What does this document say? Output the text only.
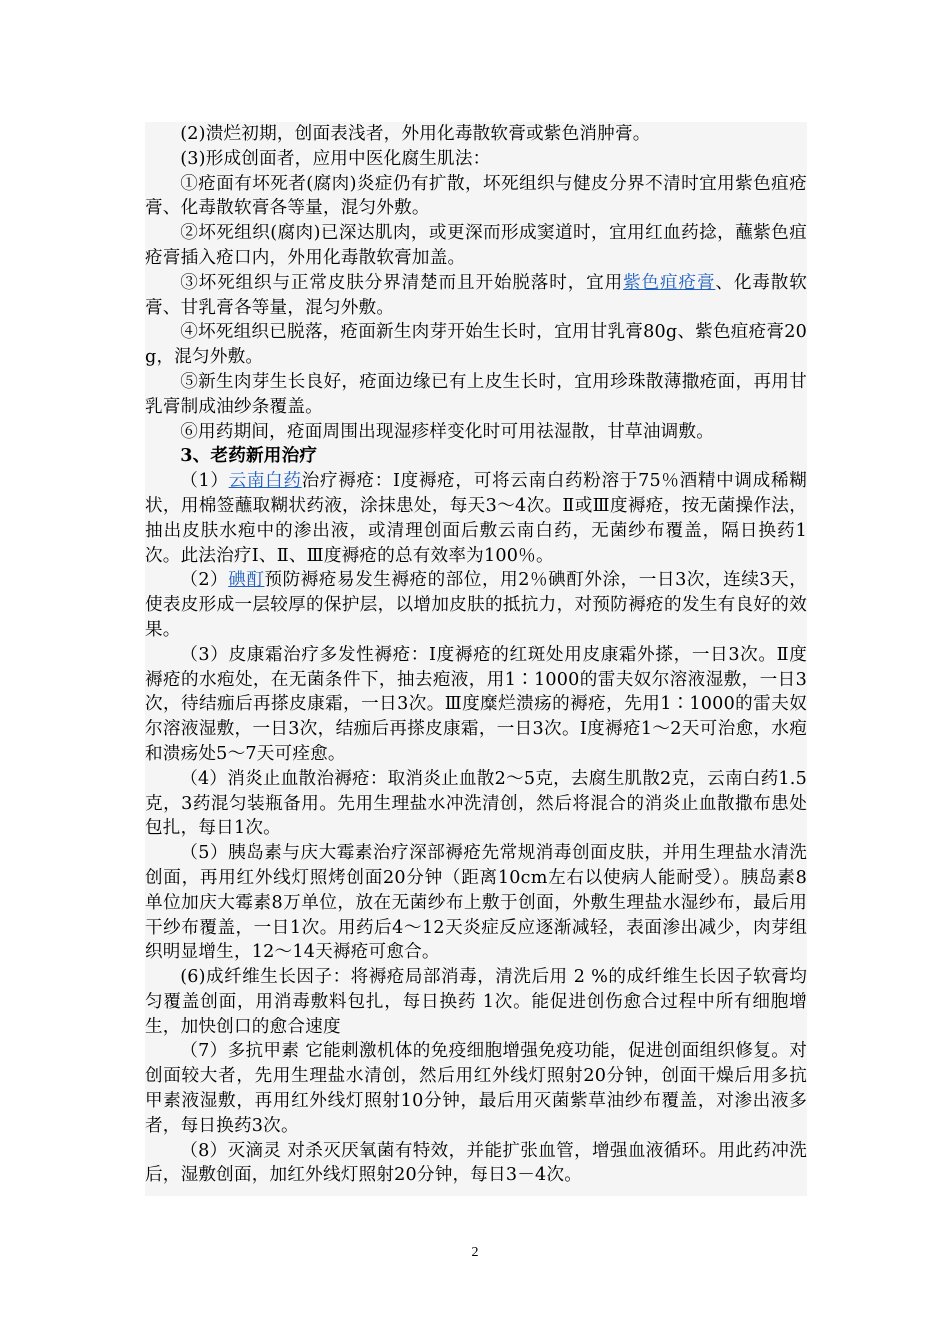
(2)溃烂初期，创面表浅者，外用化毒散软膏或紫色消肿膏。

(3)形成创面者，应用中医化腐生肌法：

①疮面有坏死者(腐肉)炎症仍有扩散，坏死组织与健皮分界不清时宜用紫色疽疮膏、化毒散软膏各等量，混匀外敷。

②坏死组织(腐肉)已深达肌肉，或更深而形成窦道时，宜用红血药捻，蘸紫色疽疮膏插入疮口内，外用化毒散软膏加盖。

③坏死组织与正常皮肤分界清楚而且开始脱落时，宜用紫色疽疮膏、化毒散软膏、甘乳膏各等量，混匀外敷。

④坏死组织已脱落，疮面新生肉芽开始生长时，宜用甘乳膏80g、紫色疽疮膏20g，混匀外敷。

⑤新生肉芽生长良好，疮面边缘已有上皮生长时，宜用珍珠散薄撒疮面，再用甘乳膏制成油纱条覆盖。

⑥用药期间，疮面周围出现湿疹样变化时可用祛湿散，甘草油调敷。

3、老药新用治疗

（1）云南白药治疗褥疮：Ⅰ度褥疮，可将云南白药粉溶于75％酒精中调成稀糊状，用棉签蘸取糊状药液，涂抹患处，每天3～4次。Ⅱ或Ⅲ度褥疮，按无菌操作法，抽出皮肤水疱中的渗出液，或清理创面后敷云南白药，无菌纱布覆盖，隔日换药1次。此法治疗Ⅰ、Ⅱ、Ⅲ度褥疮的总有效率为100％。

（2）碘酊预防褥疮易发生褥疮的部位，用2％碘酊外涂，一日3次，连续3天，使表皮形成一层较厚的保护层，以增加皮肤的抵抗力，对预防褥疮的发生有良好的效果。

（3）皮康霜治疗多发性褥疮：Ⅰ度褥疮的红斑处用皮康霜外搽，一日3次。Ⅱ度褥疮的水疱处，在无菌条件下，抽去疱液，用1∶1000的雷夫奴尔溶液湿敷，一日3次，待结痂后再搽皮康霜，一日3次。Ⅲ度糜烂溃疡的褥疮，先用1∶1000的雷夫奴尔溶液湿敷，一日3次，结痂后再搽皮康霜，一日3次。Ⅰ度褥疮1～2天可治愈，水疱和溃疡处5～7天可痊愈。

（4）消炎止血散治褥疮：取消炎止血散2～5克，去腐生肌散2克，云南白药1.5克，3药混匀装瓶备用。先用生理盐水冲洗清创，然后将混合的消炎止血散撒布患处包扎，每日1次。

（5）胰岛素与庆大霉素治疗深部褥疮先常规消毒创面皮肤，并用生理盐水清洗创面，再用红外线灯照烤创面20分钟（距离10cm左右以使病人能耐受）。胰岛素8单位加庆大霉素8万单位，放在无菌纱布上敷于创面，外敷生理盐水湿纱布，最后用干纱布覆盖，一日1次。用药后4～12天炎症反应逐渐减轻，表面渗出减少，肉芽组织明显增生，12～14天褥疮可愈合。

(6)成纤维生长因子：将褥疮局部消毒，清洗后用 2 %的成纤维生长因子软膏均匀覆盖创面，用消毒敷料包扎，每日换药 1次。能促进创伤愈合过程中所有细胞增生，加快创口的愈合速度

（7）多抗甲素 它能刺激机体的免疫细胞增强免疫功能，促进创面组织修复。对创面较大者，先用生理盐水清创，然后用红外线灯照射20分钟，创面干燥后用多抗甲素液湿敷，再用红外线灯照射10分钟，最后用灭菌紫草油纱布覆盖，对渗出液多者，每日换药3次。

（8）灭滴灵 对杀灭厌氧菌有特效，并能扩张血管，增强血液循环。用此药冲洗后，湿敷创面，加红外线灯照射20分钟，每日3－4次。

2
